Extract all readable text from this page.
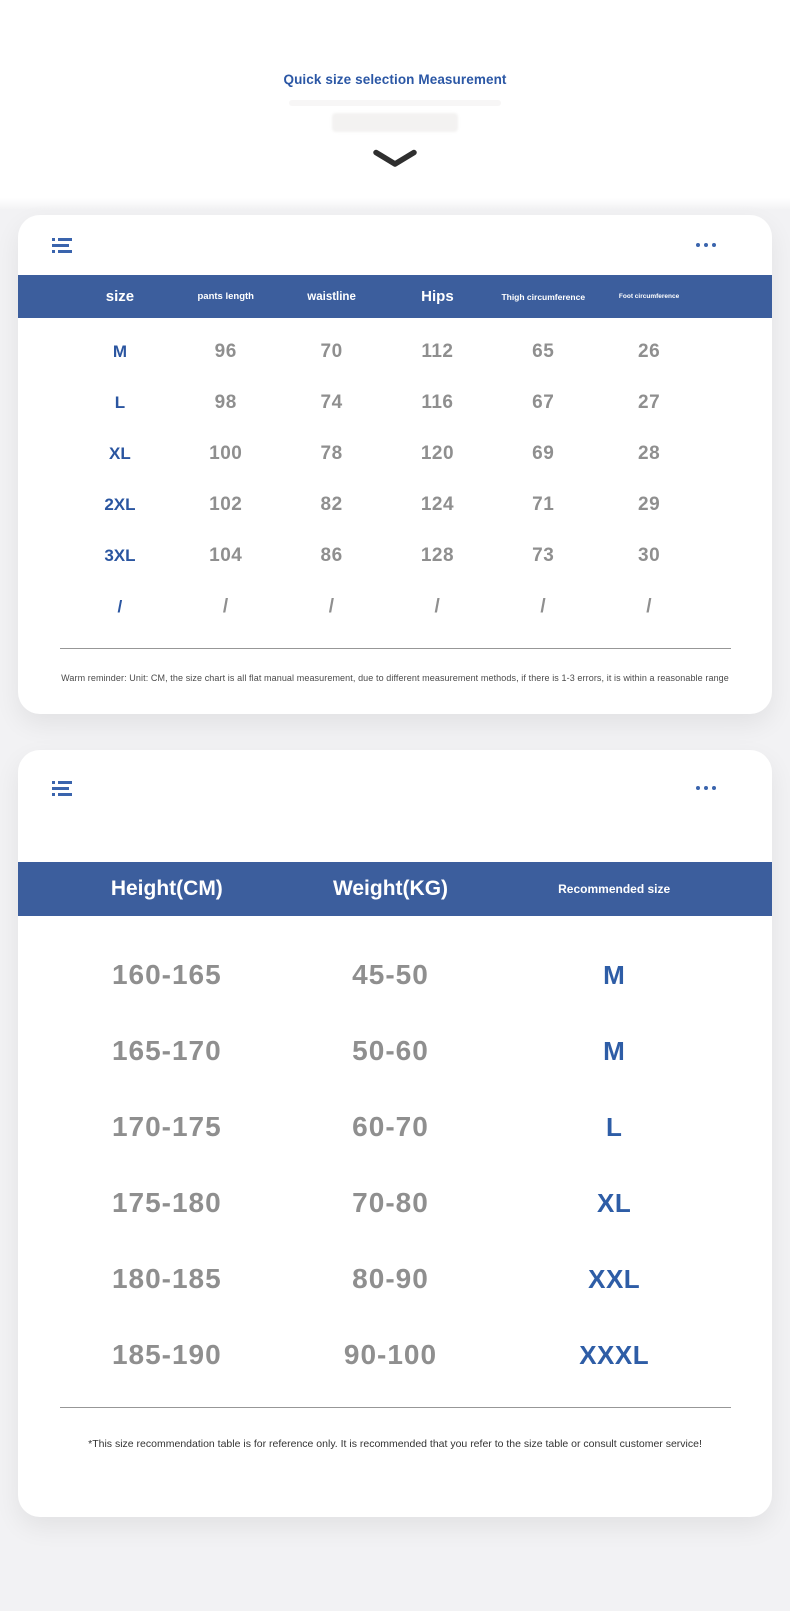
Quick size selection Measurement
size	pants length	waistline	Hips	Thigh circumference	Foot circumference
M	96	70	112	65	26
L	98	74	116	67	27
XL	100	78	120	69	28
2XL	102	82	124	71	29
3XL	104	86	128	73	30
/	/	/	/	/	/
Warm reminder: Unit: CM, the size chart is all flat manual measurement, due to different measurement methods, if there is 1-3 errors, it is within a reasonable range
Height(CM)	Weight(KG)	Recommended size
160-165	45-50	M
165-170	50-60	M
170-175	60-70	L
175-180	70-80	XL
180-185	80-90	XXL
185-190	90-100	XXXL
*This size recommendation table is for reference only. It is recommended that you refer to the size table or consult customer service!
